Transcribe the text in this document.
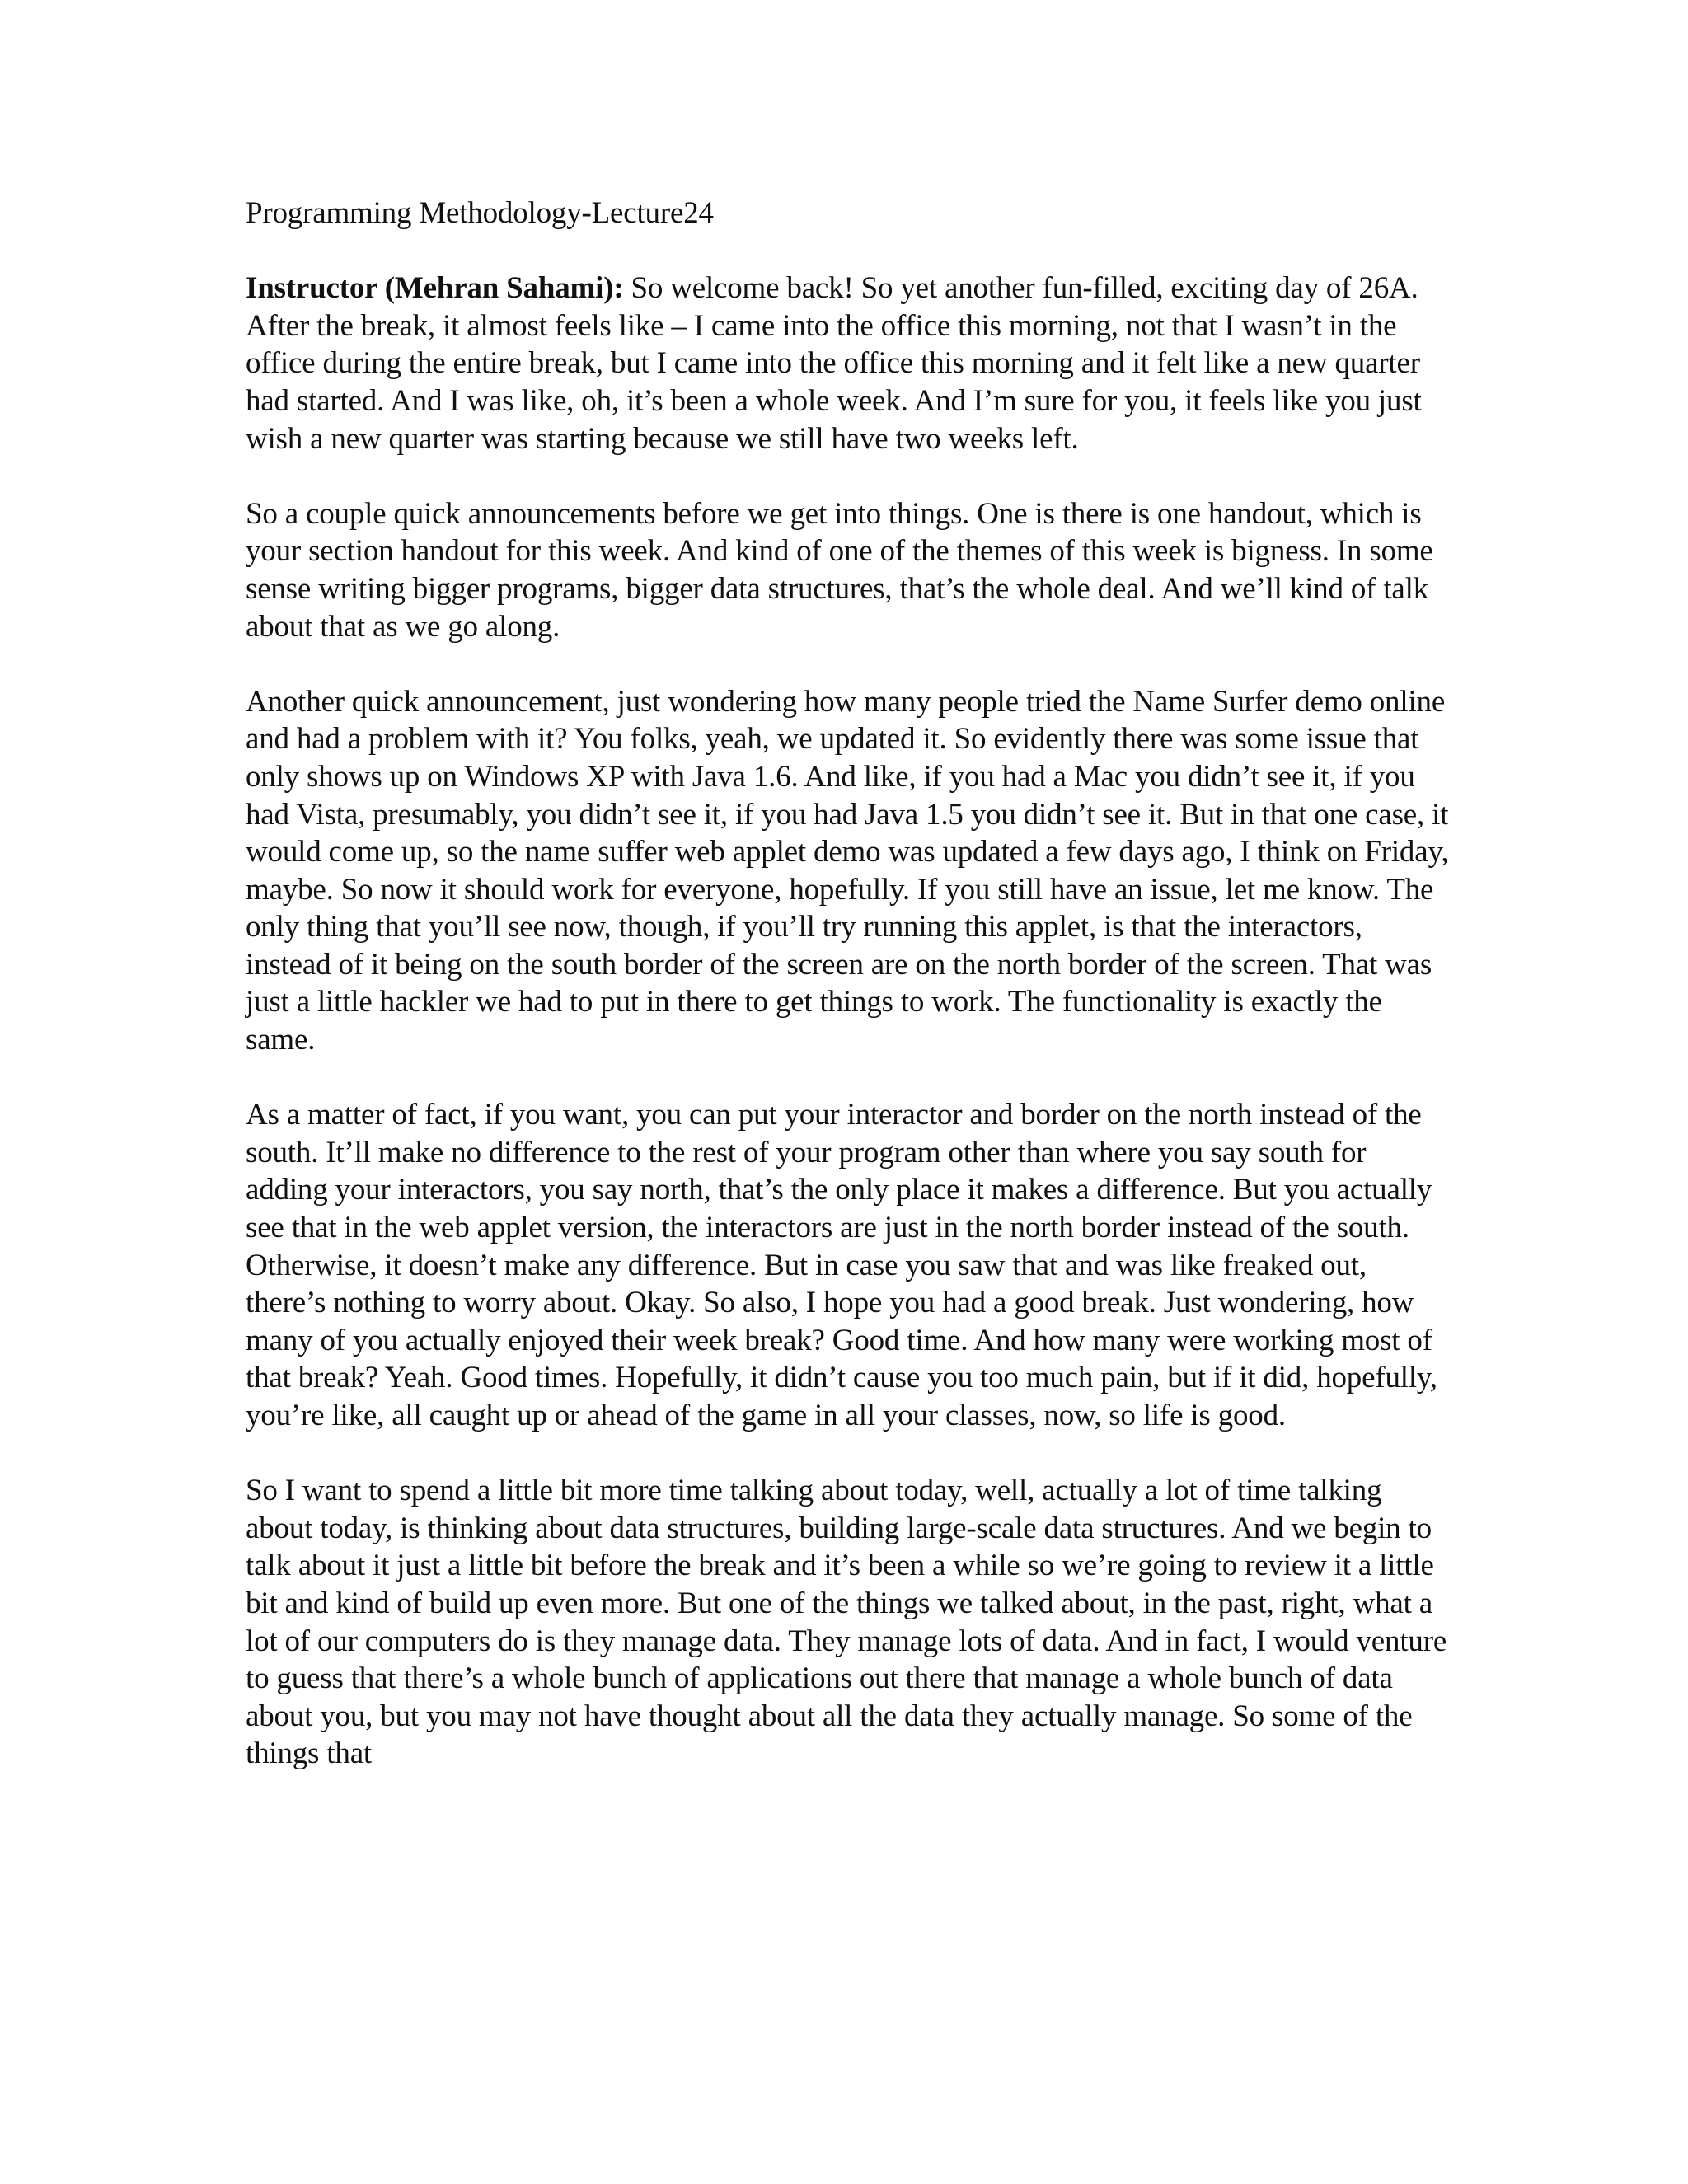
Programming Methodology-Lecture24

Instructor (Mehran Sahami): So welcome back! So yet another fun-filled, exciting day of 26A. After the break, it almost feels like – I came into the office this morning, not that I wasn’t in the office during the entire break, but I came into the office this morning and it felt like a new quarter had started. And I was like, oh, it’s been a whole week. And I’m sure for you, it feels like you just wish a new quarter was starting because we still have two weeks left.

So a couple quick announcements before we get into things. One is there is one handout, which is your section handout for this week. And kind of one of the themes of this week is bigness. In some sense writing bigger programs, bigger data structures, that’s the whole deal. And we’ll kind of talk about that as we go along.

Another quick announcement, just wondering how many people tried the Name Surfer demo online and had a problem with it? You folks, yeah, we updated it. So evidently there was some issue that only shows up on Windows XP with Java 1.6. And like, if you had a Mac you didn’t see it, if you had Vista, presumably, you didn’t see it, if you had Java 1.5 you didn’t see it. But in that one case, it would come up, so the name suffer web applet demo was updated a few days ago, I think on Friday, maybe. So now it should work for everyone, hopefully. If you still have an issue, let me know. The only thing that you’ll see now, though, if you’ll try running this applet, is that the interactors, instead of it being on the south border of the screen are on the north border of the screen. That was just a little hackler we had to put in there to get things to work. The functionality is exactly the same.

As a matter of fact, if you want, you can put your interactor and border on the north instead of the south. It’ll make no difference to the rest of your program other than where you say south for adding your interactors, you say north, that’s the only place it makes a difference. But you actually see that in the web applet version, the interactors are just in the north border instead of the south. Otherwise, it doesn’t make any difference. But in case you saw that and was like freaked out, there’s nothing to worry about. Okay. So also, I hope you had a good break. Just wondering, how many of you actually enjoyed their week break? Good time. And how many were working most of that break? Yeah. Good times. Hopefully, it didn’t cause you too much pain, but if it did, hopefully, you’re like, all caught up or ahead of the game in all your classes, now, so life is good.

So I want to spend a little bit more time talking about today, well, actually a lot of time talking about today, is thinking about data structures, building large-scale data structures. And we begin to talk about it just a little bit before the break and it’s been a while so we’re going to review it a little bit and kind of build up even more. But one of the things we talked about, in the past, right, what a lot of our computers do is they manage data. They manage lots of data. And in fact, I would venture to guess that there’s a whole bunch of applications out there that manage a whole bunch of data about you, but you may not have thought about all the data they actually manage. So some of the things that
